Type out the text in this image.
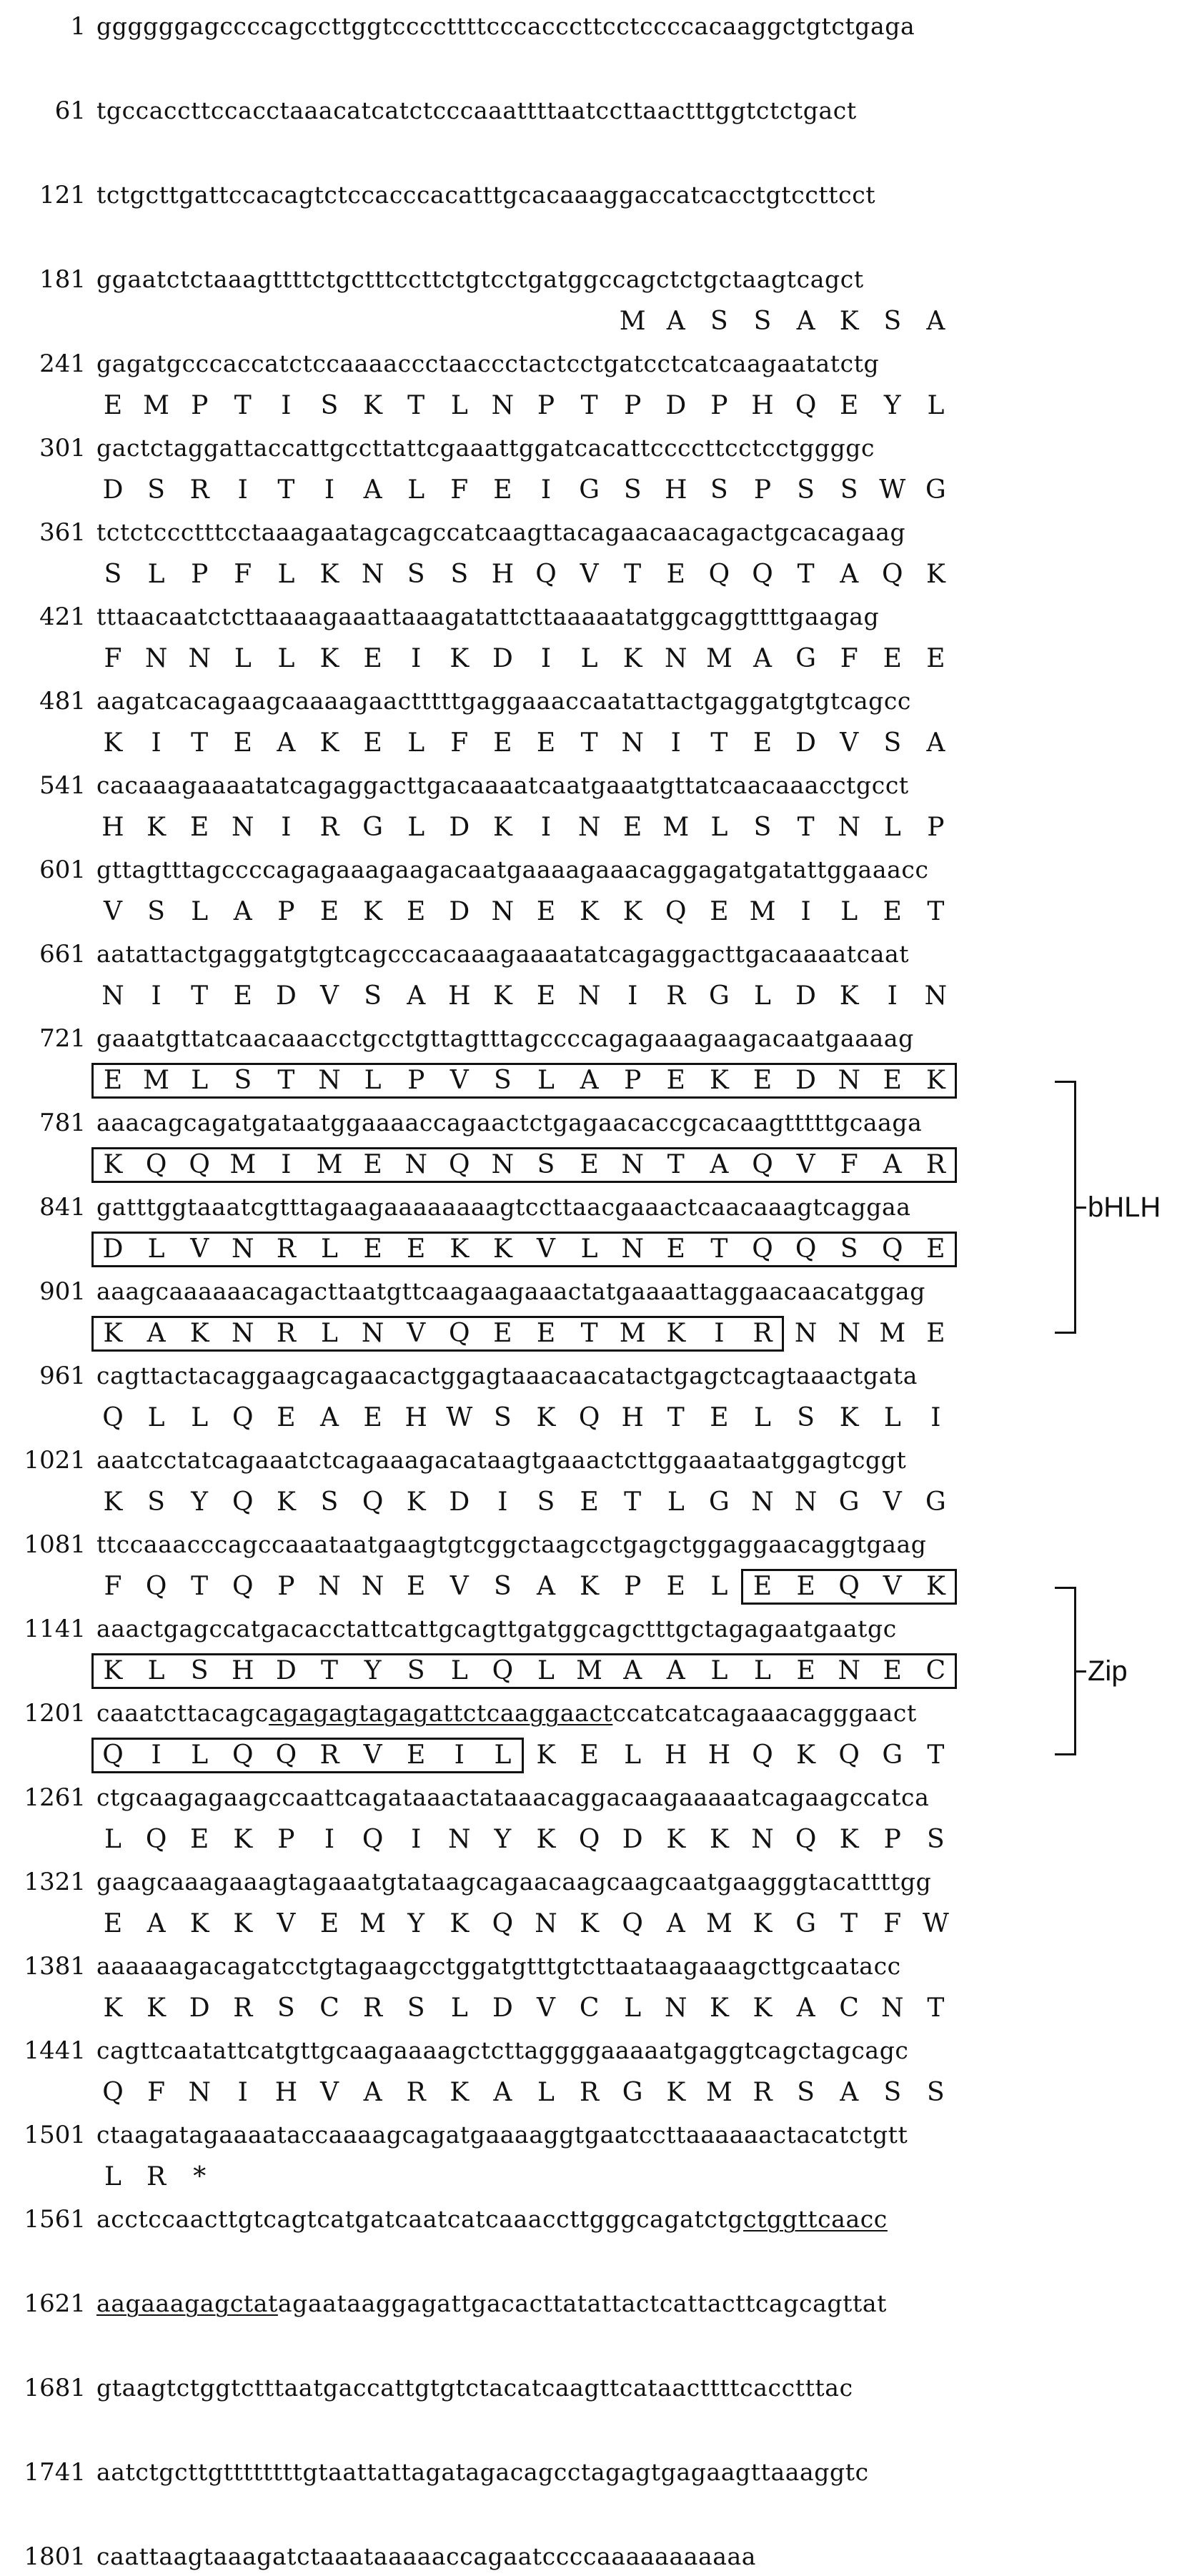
1 ggggggagccccagccttggtccccttttcccacccttcctccccacaaggctgtctgaga
61 tgccaccttccacctaaacatcatctcccaaattttaatccttaactttggtctctgact
121 tctgcttgattccacagtctccacccacatttgcacaaaggaccatcacctgtccttcct
181 ggaatctctaaagttttctgctttccttctgtcctgatggccagctctgctaagtcagct
M A S S A K S A
241 gagatgcccaccatctccaaaaccctaaccctactcctgatcctcatcaagaatatctg
E M P	T	I	S K T	L N P	T	P D P H Q E Y	L
301 gactctaggattaccattgccttattcgaaattggatcacattccccttcctcctggggc
D S R	I	T	I	A L	F E	I	G S H S	P	S S W G
361 tctctccctttcctaaagaatagcagccatcaagttacagaacaacagactgcacagaag
S	L	P	F	L K N S S H Q V T E Q Q T A Q K
421 tttaacaatctcttaaaagaaattaaagatattcttaaaaatatggcaggttttgaagag
F N N L	L K E	I	K D	I	L K N M A G F E E
481 aagatcacagaagcaaaagaactttttgaggaaaccaatattactgaggatgtgtcagcc
K	I	T E A K E L	F E E T N	I	T E D V S A
541 cacaaagaaaatatcagaggacttgacaaaatcaatgaaatgttatcaacaaacctgcct
H K E N	I	R G L D K	I	N E M L	S	T N L	P
601 gttagtttagccccagagaaagaagacaatgaaaagaaacaggagatgatattggaaacc
V S	L A P E K E D N E K K Q E M I	L E T
661 aatattactgaggatgtgtcagcccacaaagaaaatatcagaggacttgacaaaatcaat
N	I	T E D V S A H K E N	I	R G L D K	I	N
721 gaaatgttatcaacaaacctgcctgttagtttagccccagagaaagaagacaatgaaaag
E M L	S	T N L	P V S	L A P E K E D N E K
781 aaacagcagatgataatggaaaaccagaactctgagaacaccgcacaagtttttgcaaga
K Q Q M I M E N Q N S E N T A Q V F A R
841 gatttggtaaatcgtttagaagaaaaaaaagtccttaacgaaactcaacaaagtcaggaa
D L V N R L E E K K V L N E T Q Q S Q E
901 aaagcaaaaaacagacttaatgttcaagaagaaactatgaaaattaggaacaacatggag
K A K N R L N V Q E E T M K	I	R N N M E
961 cagttactacaggaagcagaacactggagtaaacaacatactgagctcagtaaactgata
Q L	L Q E A E H W S K Q H T E L	S K L	I
1021 aaatcctatcagaaatctcagaaagacataagtgaaactcttggaaataatggagtcggt
K S	Y Q K S Q K D	I	S E T	L G N N G V G
1081 ttccaaacccagccaaataatgaagtgtcggctaagcctgagctggaggaacaggtgaag
F Q T Q P N N E V S A K P E L E E Q V K
1141 aaactgagccatgacacctattcattgcagttgatggcagctttgctagagaatgaatgc
K L	S H D T	Y	S	L Q L M A A L	L E N E C
1201 caaatcttacagcagagagtagagattctcaaggaactccatcatcagaaacagggaact
Q	I	L Q Q R V E	I	L K E L H H Q K Q G T
1261 ctgcaagagaagccaattcagataaactataaacaggacaagaaaaatcagaagccatca
L Q E K P	I	Q	I	N Y K Q D K K N Q K P	S
1321 gaagcaaagaaagtagaaatgtataagcagaacaagcaagcaatgaagggtacattttgg
E A K K V E M Y K Q N K Q A M K G T	F W
1381 aaaaaagacagatcctgtagaagcctggatgtttgtcttaataagaaagcttgcaatacc
K K D R S C R S	L D V C L N K K A C N T
1441 cagttcaatattcatgttgcaagaaaagctcttaggggaaaaatgaggtcagctagcagc
Q F N	I	H V A R K A L R G K M R S A S S
1501 ctaagatagaaaataccaaaagcagatgaaaaggtgaatccttaaaaaactacatctgtt
L R	*
1561 acctccaacttgtcagtcatgatcaatcatcaaaccttgggcagatctgctggttcaacc
1621 aagaaagagctatagaataaggagattgacacttatattactcattacttcagcagttat
1681 gtaagtctggtctttaatgaccattgtgtctacatcaagttcataacttttcacctttac
1741 aatctgcttgttttttttgtaattattagatagacagcctagagtgagaagttaaaggtc
1801 caattaagtaaagatctaaataaaaaccagaatccccaaaaaaaaaaa
bHLH
Zip
